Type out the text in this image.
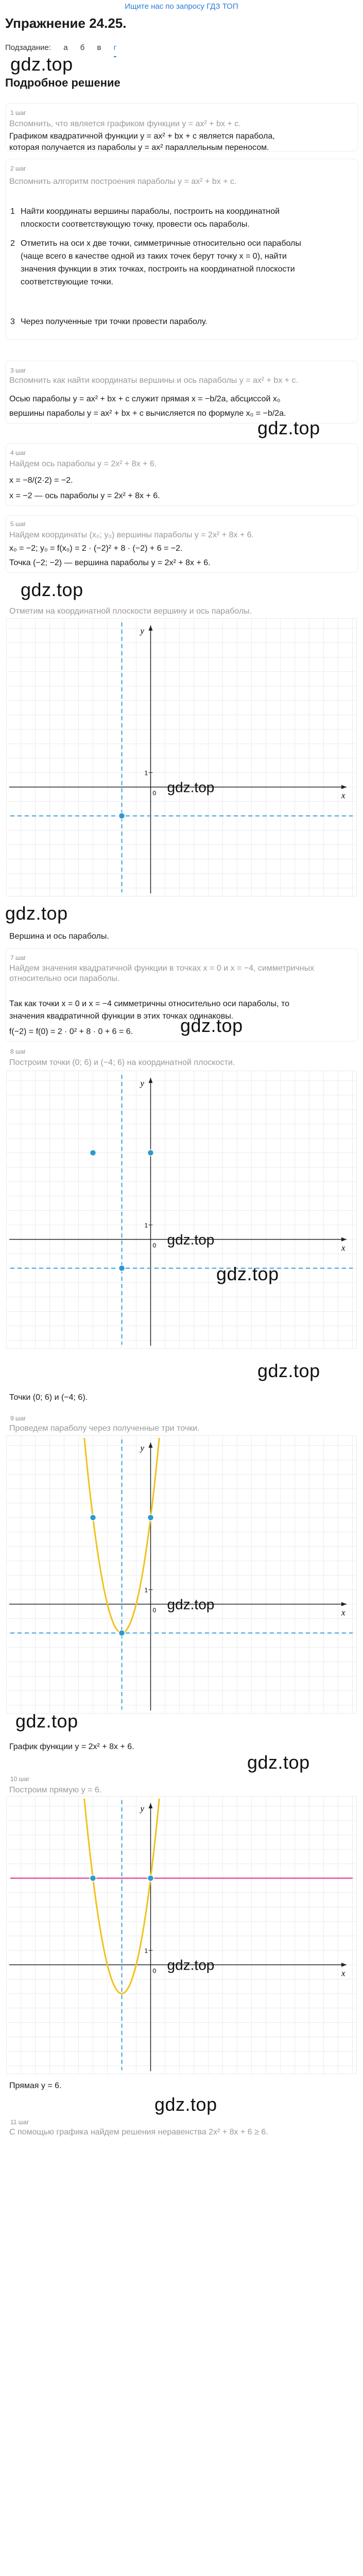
Ищите нас по запросу ГДЗ ТОП
Упражнение 24.25.
Подзадание: а б в г
gdz.top
Подробное решение
1 шаг
Вспомнить, что является графиком функции y = ax² + bx + c.
Графиком квадратичной функции y = ax² + bx + c является парабола,
которая получается из параболы y = ax² параллельным переносом.
2 шаг
Вспомнить алгоритм построения параболы y = ax² + bx + c.
1 Найти координаты вершины параболы, построить на координатной плоскости соответствующую точку, провести ось параболы.
2 Отметить на оси x две точки, симметричные относительно оси параболы (чаще всего в качестве одной из таких точек берут точку x = 0), найти значения функции в этих точках, построить на координатной плоскости соответствующие точки.
3 Через полученные три точки провести параболу.
3 шаг
Вспомнить как найти координаты вершины и ось параболы y = ax² + bx + c.
Осью параболы y = ax² + bx + c служит прямая x = −b/2a, абсциссой x₀
вершины параболы y = ax² + bx + c вычисляется по формуле x₀ = −b/2a.
gdz.top
4 шаг
Найдем ось параболы y = 2x² + 8x + 6.
x = −8/(2·2) = −2.
x = −2 — ось параболы y = 2x² + 8x + 6.
5 шаг
Найдем координаты (x₀; y₀) вершины параболы y = 2x² + 8x + 6.
x₀ = −2; y₀ = f(x₀) = 2 · (−2)² + 8 · (−2) + 6 = −2.
Точка (−2; −2) — вершина параболы y = 2x² + 8x + 6.
gdz.top
Отметим на координатной плоскости вершину и ось параболы.
x
y
0
1
gdz.top
gdz.top
Вершина и ось параболы.
7 шаг
Найдем значения квадратичной функции в точках x = 0 и x = −4, симметричных относительно оси параболы.
Так как точки x = 0 и x = −4 симметричны относительно оси параболы, то
значения квадратичной функции в этих точках одинаковы.
f(−2) = f(0) = 2 · 0² + 8 · 0 + 6 = 6.	gdz.top
8 шаг
Построим точки (0; 6) и (−4; 6) на координатной плоскости.
x
y
0
1
gdz.top
gdz.top
gdz.top
Точки (0; 6) и (−4; 6).
9 шаг
Проведем параболу через полученные три точки.
x
y
0
1
gdz.top
gdz.top
График функции y = 2x² + 8x + 6.
gdz.top
10 шаг
Построим прямую y = 6.
x
y
0
1
gdz.top
Прямая y = 6.
gdz.top
11 шаг
С помощью графика найдем решения неравенства 2x² + 8x + 6 ≥ 6.
